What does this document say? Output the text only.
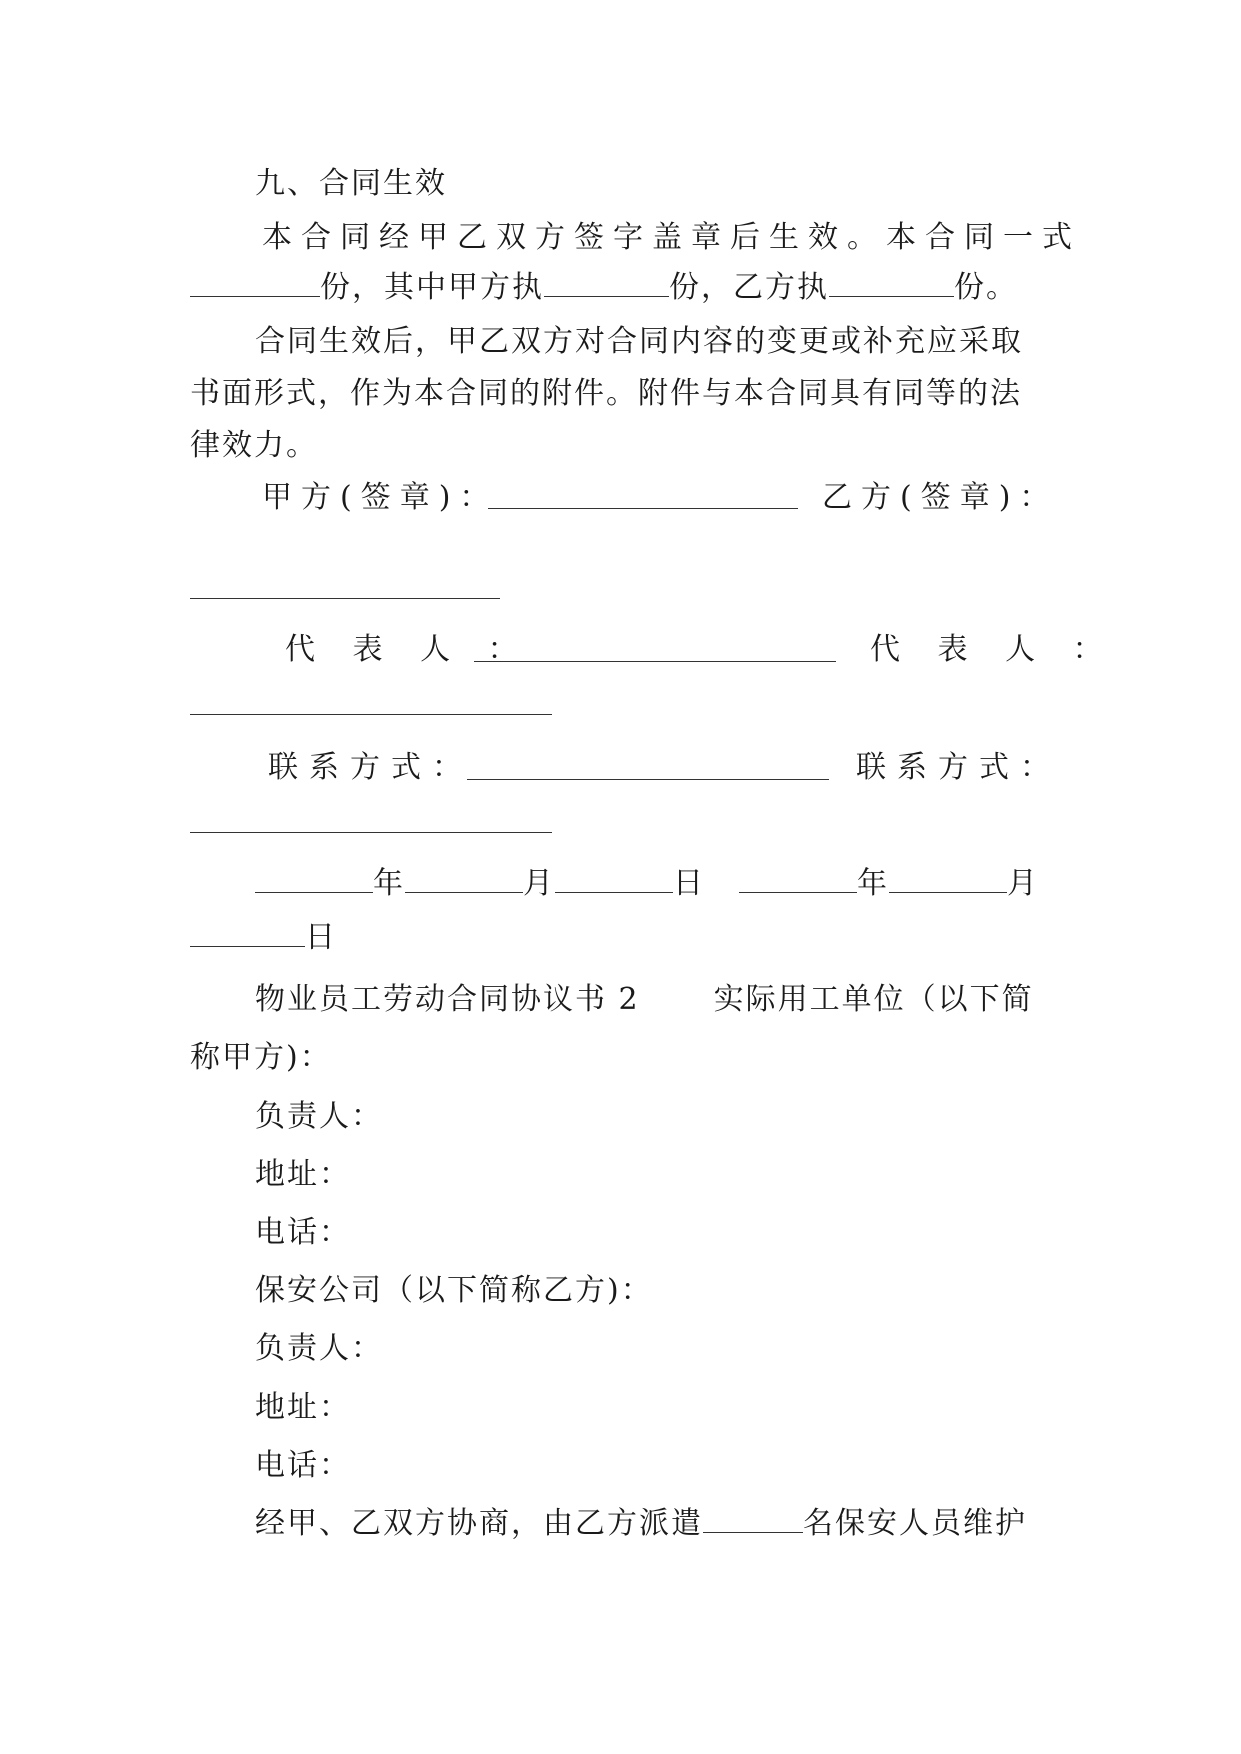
九、合同生效
本合同经甲乙双方签字盖章后生效。本合同一式
份，其中甲方执	份，乙方执	份。
合同生效后，甲乙双方对合同内容的变更或补充应采取
书面形式，作为本合同的附件。附件与本合同具有同等的法
律效力。
甲方(签章)：	乙方(签章)：
代 表 人 ：	代 表 人 ：
联系方式：	联系方式：
年	月	日	年	月
日
物业员工劳动合同协议书 2 实际用工单位（以下简
称甲方)：
负责人：
地址：
电话：
保安公司（以下简称乙方)：
负责人：
地址：
电话：
经甲、乙双方协商，由乙方派遣	名保安人员维护
